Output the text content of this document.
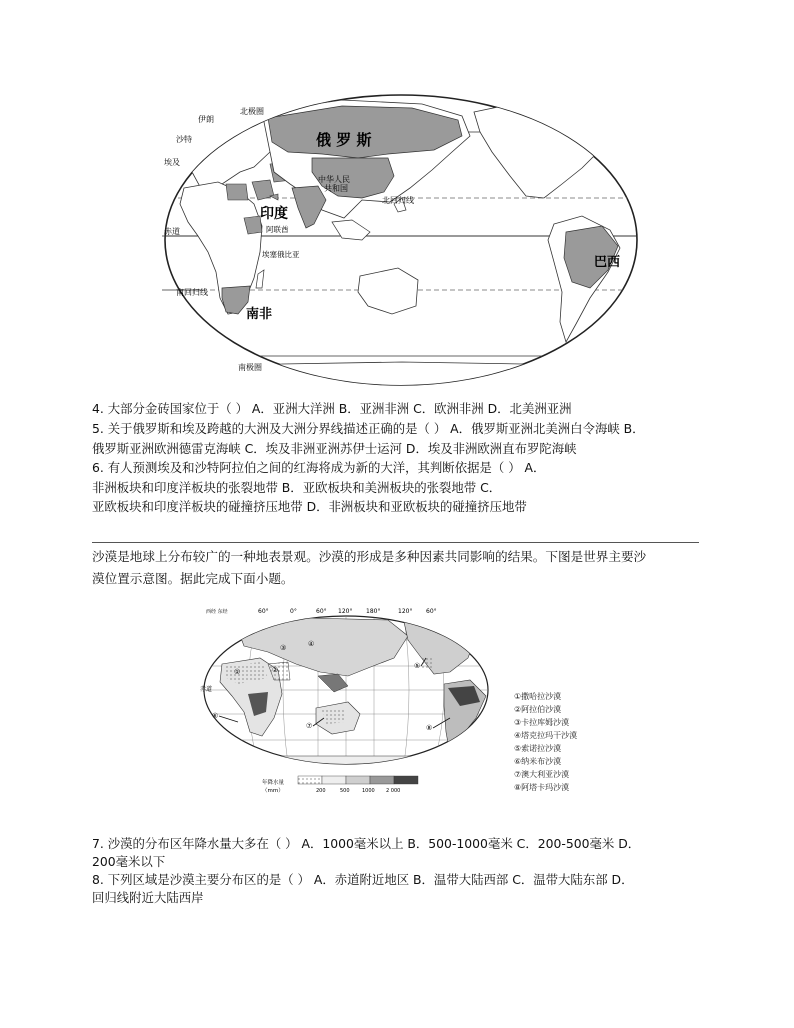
伊朗
沙特
埃及
北极圈
俄 罗 斯
中华人民
共和国
印度
阿联酋
北回归线
赤道
埃塞俄比亚
巴西
南回归线
南非
南极圈
4. 大部分金砖国家位于（ ） A．亚洲大洋洲 B．亚洲非洲 C．欧洲非洲 D．北美洲亚洲
5. 关于俄罗斯和埃及跨越的大洲及大洲分界线描述正确的是（ ） A．俄罗斯亚洲北美洲白令海峡 B．
俄罗斯亚洲欧洲德雷克海峡 C．埃及非洲亚洲苏伊士运河 D．埃及非洲欧洲直布罗陀海峡
6. 有人预测埃及和沙特阿拉伯之间的红海将成为新的大洋，其判断依据是（ ） A．
非洲板块和印度洋板块的张裂地带 B．亚欧板块和美洲板块的张裂地带 C．
亚欧板块和印度洋板块的碰撞挤压地带 D．非洲板块和亚欧板块的碰撞挤压地带
沙漠是地球上分布较广的一种地表景观。沙漠的形成是多种因素共同影响的结果。下图是世界主要沙
漠位置示意图。据此完成下面小题。
西经 东经	60°	0°	60° 120° 180°	120° 60°
赤道
①	②
③	④
⑤
⑥
⑦	⑧
年降水量
（mm）	200	500 1000 2 000
①撒哈拉沙漠
②阿拉伯沙漠
③卡拉库姆沙漠
④塔克拉玛干沙漠
⑤索诺拉沙漠
⑥纳米布沙漠
⑦澳大利亚沙漠
⑧阿塔卡玛沙漠
7. 沙漠的分布区年降水量大多在（ ） A．1000毫米以上 B．500-1000毫米 C．200-500毫米 D．
200毫米以下
8. 下列区域是沙漠主要分布区的是（ ） A．赤道附近地区 B．温带大陆西部 C．温带大陆东部 D．
回归线附近大陆西岸
